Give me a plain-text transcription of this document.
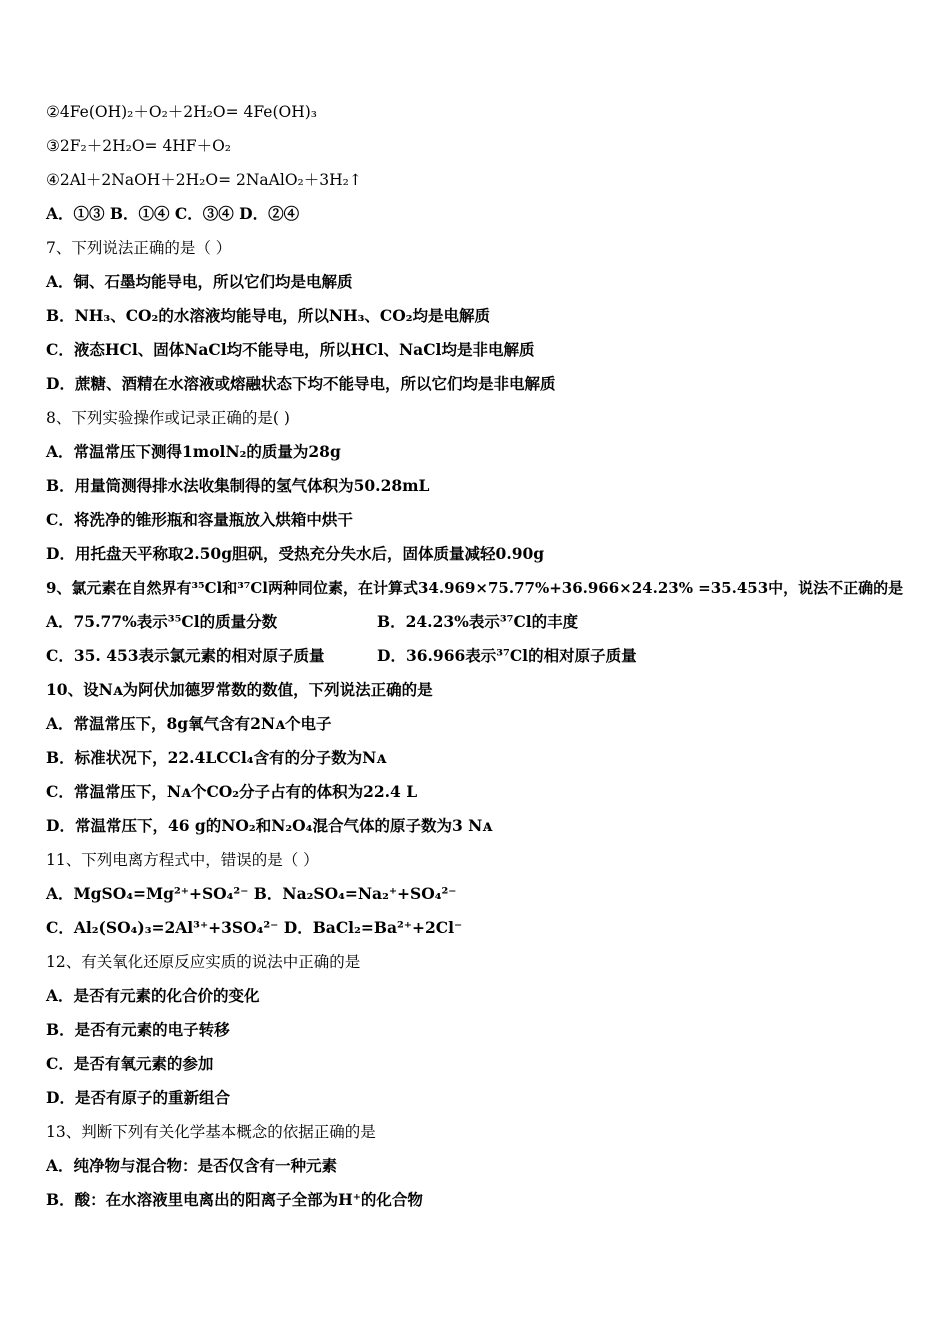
②4Fe(OH)₂＋O₂＋2H₂O= 4Fe(OH)₃
③2F₂＋2H₂O= 4HF＋O₂
④2Al＋2NaOH＋2H₂O= 2NaAlO₂＋3H₂↑
A．①③ B．①④ C．③④ D．②④
7、下列说法正确的是（ ）
A．铜、石墨均能导电，所以它们均是电解质
B．NH₃、CO₂的水溶液均能导电，所以NH₃、CO₂均是电解质
C．液态HCl、固体NaCl均不能导电，所以HCl、NaCl均是非电解质
D．蔗糖、酒精在水溶液或熔融状态下均不能导电，所以它们均是非电解质
8、下列实验操作或记录正确的是( )
A．常温常压下测得1molN₂的质量为28g
B．用量筒测得排水法收集制得的氢气体积为50.28mL
C．将洗净的锥形瓶和容量瓶放入烘箱中烘干
D．用托盘天平称取2.50g胆矾，受热充分失水后，固体质量减轻0.90g
9、氯元素在自然界有³⁵Cl和³⁷Cl两种同位素，在计算式34.969×75.77%+36.966×24.23% =35.453中，说法不正确的是
A．75.77%表示³⁵Cl的质量分数	B．24.23%表示³⁷Cl的丰度
C．35. 453表示氯元素的相对原子质量	D．36.966表示³⁷Cl的相对原子质量
10、设Nᴀ为阿伏加德罗常数的数值，下列说法正确的是
A．常温常压下，8g氧气含有2Nᴀ个电子
B．标准状况下，22.4LCCl₄含有的分子数为Nᴀ
C．常温常压下，Nᴀ个CO₂分子占有的体积为22.4 L
D．常温常压下，46 g的NO₂和N₂O₄混合气体的原子数为3 Nᴀ
11、下列电离方程式中，错误的是（ ）
A．MgSO₄=Mg²⁺+SO₄²⁻ B．Na₂SO₄=Na₂⁺+SO₄²⁻
C．Al₂(SO₄)₃=2Al³⁺+3SO₄²⁻ D．BaCl₂=Ba²⁺+2Cl⁻
12、有关氧化还原反应实质的说法中正确的是
A．是否有元素的化合价的变化
B．是否有元素的电子转移
C．是否有氧元素的参加
D．是否有原子的重新组合
13、判断下列有关化学基本概念的依据正确的是
A．纯净物与混合物：是否仅含有一种元素
B．酸：在水溶液里电离出的阳离子全部为H⁺的化合物
